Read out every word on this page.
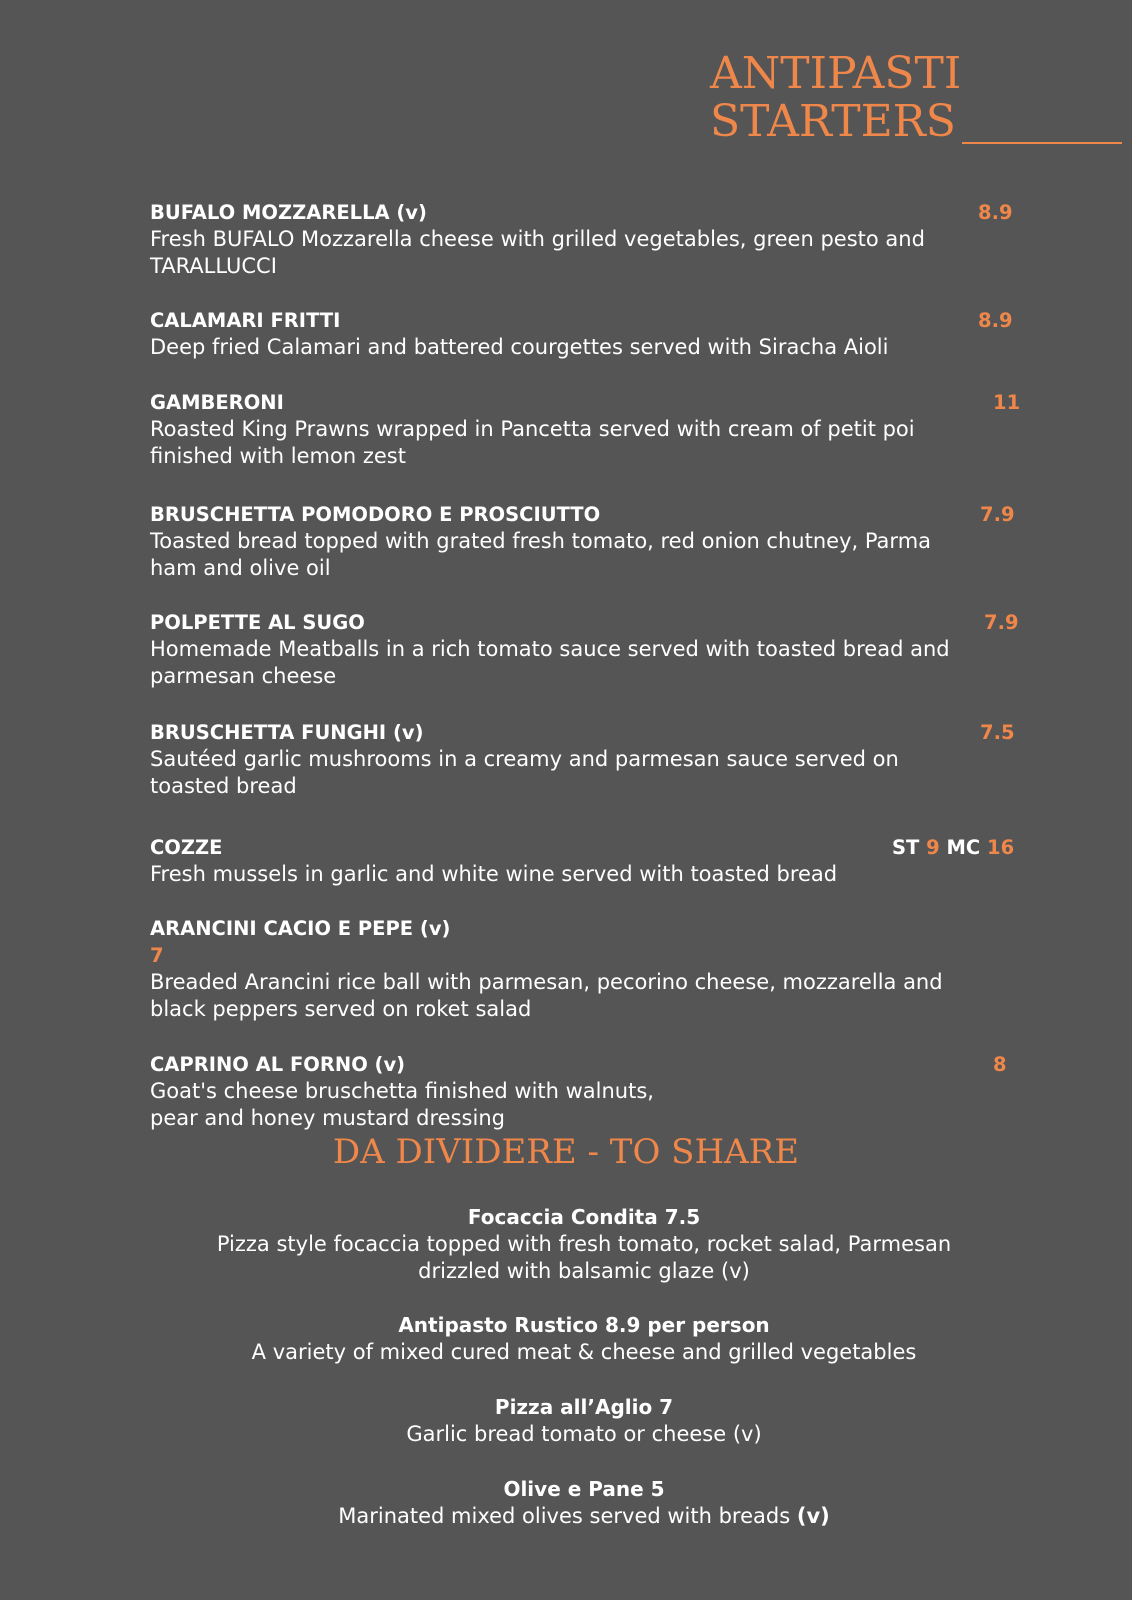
ANTIPASTI
STARTERS
BUFALO MOZZARELLA (v)
Fresh BUFALO Mozzarella cheese with grilled vegetables, green pesto and TARALLUCCI
8.9
CALAMARI FRITTI
Deep fried Calamari and battered courgettes served with Siracha Aioli
8.9
GAMBERONI
Roasted King Prawns wrapped in Pancetta served with cream of petit poi finished with lemon zest
11
BRUSCHETTA POMODORO E PROSCIUTTO
Toasted bread topped with grated fresh tomato, red onion chutney, Parma ham and olive oil
7.9
POLPETTE AL SUGO
Homemade Meatballs in a rich tomato sauce served with toasted bread and parmesan cheese
7.9
BRUSCHETTA FUNGHI (v)
Sautéed garlic mushrooms in a creamy and parmesan sauce served on toasted bread
7.5
COZZE
Fresh mussels in garlic and white wine served with toasted bread
ST 9 MC 16
ARANCINI CACIO E PEPE (v)
7
Breaded Arancini rice ball with parmesan, pecorino cheese, mozzarella and black peppers served on roket salad
CAPRINO AL FORNO (v)
Goat's cheese bruschetta finished with walnuts,
pear and honey mustard dressing
8
DA DIVIDERE - TO SHARE
Focaccia Condita 7.5
Pizza style focaccia topped with fresh tomato, rocket salad, Parmesan
drizzled with balsamic glaze (v)
Antipasto Rustico 8.9 per person
A variety of mixed cured meat & cheese and grilled vegetables
Pizza all’Aglio 7
Garlic bread tomato or cheese (v)
Olive e Pane 5
Marinated mixed olives served with breads (v)
